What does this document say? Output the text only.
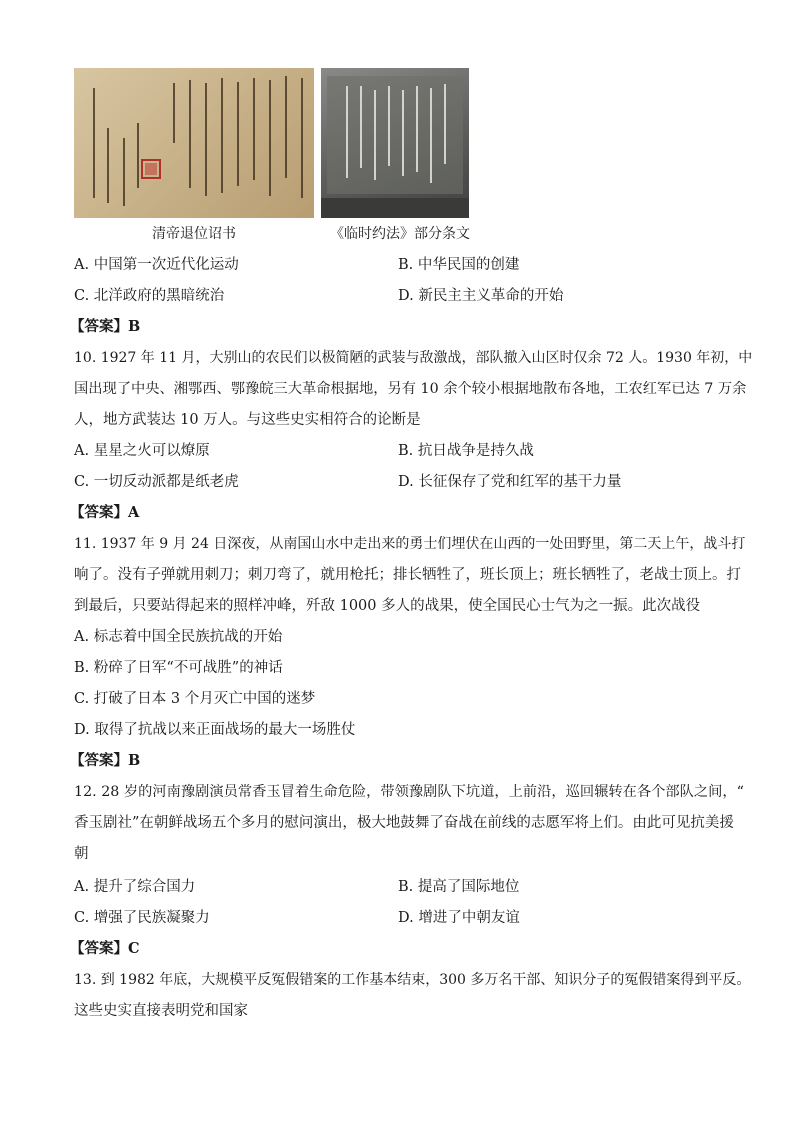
清帝退位诏书	《临时约法》部分条文
A. 中国第一次近代化运动	B. 中华民国的创建
C. 北洋政府的黑暗统治	D. 新民主主义革命的开始
【答案】B
10. 1927 年 11 月，大别山的农民们以极简陋的武装与敌激战，部队撤入山区时仅余 72 人。1930 年初，中
国出现了中央、湘鄂西、鄂豫皖三大革命根据地，另有 10 余个较小根据地散布各地，工农红军已达 7 万余
人，地方武装达 10 万人。与这些史实相符合的论断是
A. 星星之火可以燎原	B. 抗日战争是持久战
C. 一切反动派都是纸老虎	D. 长征保存了党和红军的基干力量
【答案】A
11. 1937 年 9 月 24 日深夜，从南国山水中走出来的勇士们埋伏在山西的一处田野里，第二天上午，战斗打
响了。没有子弹就用刺刀；刺刀弯了，就用枪托；排长牺牲了，班长顶上；班长牺牲了，老战士顶上。打
到最后，只要站得起来的照样冲峰，歼敌 1000 多人的战果，使全国民心士气为之一振。此次战役
A. 标志着中国全民族抗战的开始
B. 粉碎了日军“不可战胜”的神话
C. 打破了日本 3 个月灭亡中国的迷梦
D. 取得了抗战以来正面战场的最大一场胜仗
【答案】B
12. 28 岁的河南豫剧演员常香玉冒着生命危险，带领豫剧队下坑道，上前沿，巡回辗转在各个部队之间，“
香玉剧社”在朝鲜战场五个多月的慰问演出，极大地鼓舞了奋战在前线的志愿军将上们。由此可见抗美援
朝
A. 提升了综合国力	B. 提高了国际地位
C. 增强了民族凝聚力	D. 增进了中朝友谊
【答案】C
13. 到 1982 年底，大规模平反冤假错案的工作基本结束，300 多万名干部、知识分子的冤假错案得到平反。
这些史实直接表明党和国家
